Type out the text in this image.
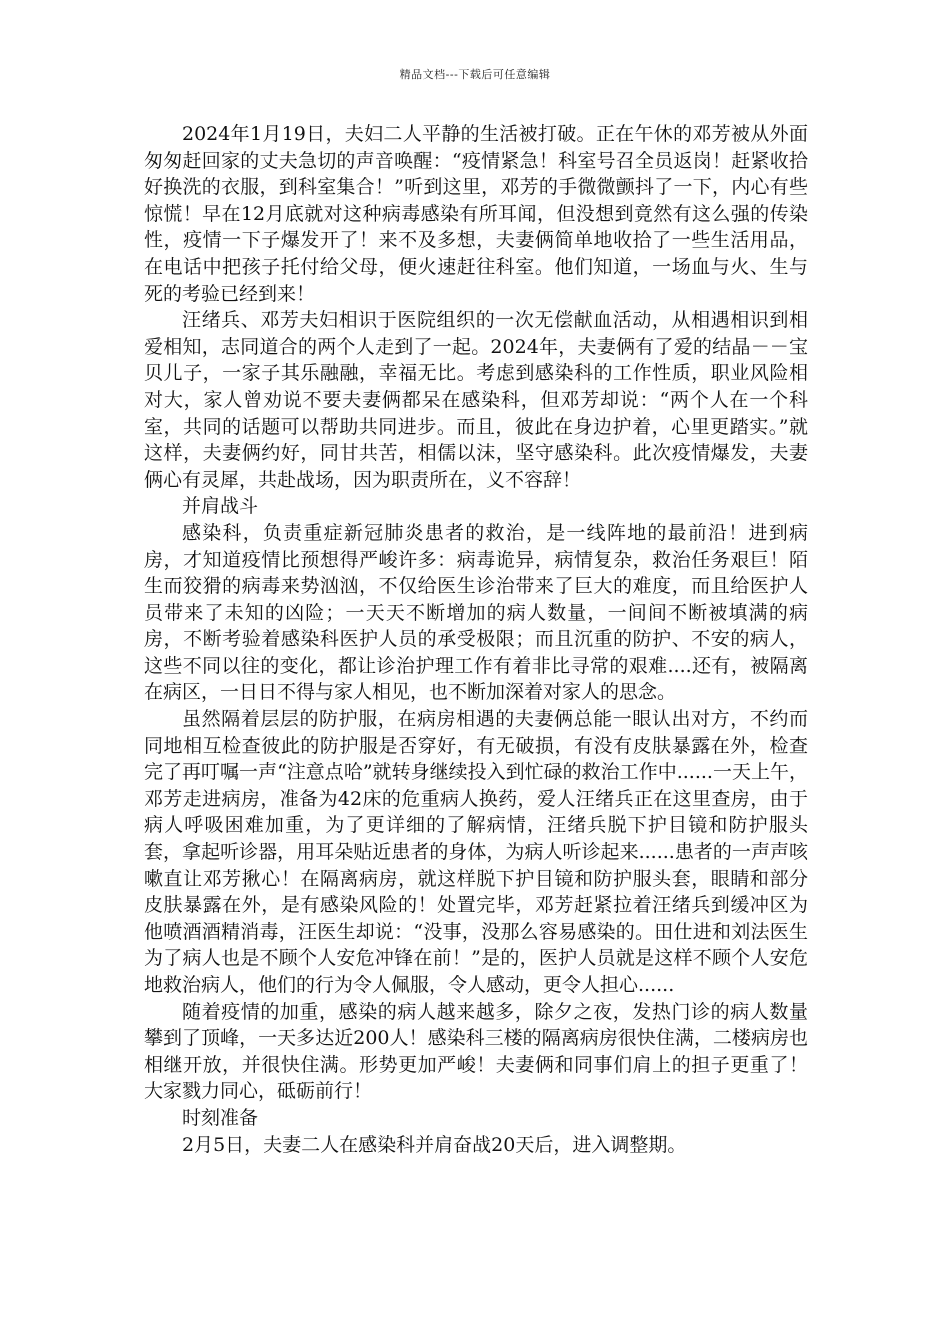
精品文档---下载后可任意编辑

2024年1月19日，夫妇二人平静的生活被打破。正在午休的邓芳被从外面匆匆赶回家的丈夫急切的声音唤醒：“疫情紧急！科室号召全员返岗！赶紧收拾好换洗的衣服，到科室集合！”听到这里，邓芳的手微微颤抖了一下，内心有些惊慌！早在12月底就对这种病毒感染有所耳闻，但没想到竟然有这么强的传染性，疫情一下子爆发开了！来不及多想，夫妻俩简单地收拾了一些生活用品，在电话中把孩子托付给父母，便火速赶往科室。他们知道，一场血与火、生与死的考验已经到来！

汪绪兵、邓芳夫妇相识于医院组织的一次无偿献血活动，从相遇相识到相爱相知，志同道合的两个人走到了一起。2024年，夫妻俩有了爱的结晶－－宝贝儿子，一家子其乐融融，幸福无比。考虑到感染科的工作性质，职业风险相对大，家人曾劝说不要夫妻俩都呆在感染科，但邓芳却说：“两个人在一个科室，共同的话题可以帮助共同进步。而且，彼此在身边护着，心里更踏实。”就这样，夫妻俩约好，同甘共苦，相儒以沫，坚守感染科。此次疫情爆发，夫妻俩心有灵犀，共赴战场，因为职责所在，义不容辞！

并肩战斗

感染科，负责重症新冠肺炎患者的救治，是一线阵地的最前沿！进到病房，才知道疫情比预想得严峻许多：病毒诡异，病情复杂，救治任务艰巨！陌生而狡猾的病毒来势汹汹，不仅给医生诊治带来了巨大的难度，而且给医护人员带来了未知的凶险；一天天不断增加的病人数量，一间间不断被填满的病房，不断考验着感染科医护人员的承受极限；而且沉重的防护、不安的病人，这些不同以往的变化，都让诊治护理工作有着非比寻常的艰难....还有，被隔离在病区，一日日不得与家人相见，也不断加深着对家人的思念。

虽然隔着层层的防护服，在病房相遇的夫妻俩总能一眼认出对方，不约而同地相互检查彼此的防护服是否穿好，有无破损，有没有皮肤暴露在外，检查完了再叮嘱一声“注意点哈”就转身继续投入到忙碌的救治工作中......一天上午，邓芳走进病房，准备为42床的危重病人换药，爱人汪绪兵正在这里查房，由于病人呼吸困难加重，为了更详细的了解病情，汪绪兵脱下护目镜和防护服头套，拿起听诊器，用耳朵贴近患者的身体，为病人听诊起来......患者的一声声咳嗽直让邓芳揪心！在隔离病房，就这样脱下护目镜和防护服头套，眼睛和部分皮肤暴露在外，是有感染风险的！处置完毕，邓芳赶紧拉着汪绪兵到缓冲区为他喷酒酒精消毒，汪医生却说：“没事，没那么容易感染的。田仕进和刘法医生为了病人也是不顾个人安危冲锋在前！”是的，医护人员就是这样不顾个人安危地救治病人，他们的行为令人佩服，令人感动，更令人担心......

随着疫情的加重，感染的病人越来越多，除夕之夜，发热门诊的病人数量攀到了顶峰，一天多达近200人！感染科三楼的隔离病房很快住满，二楼病房也相继开放，并很快住满。形势更加严峻！夫妻俩和同事们肩上的担子更重了！大家戮力同心，砥砺前行！

时刻准备

2月5日，夫妻二人在感染科并肩奋战20天后，进入调整期。
